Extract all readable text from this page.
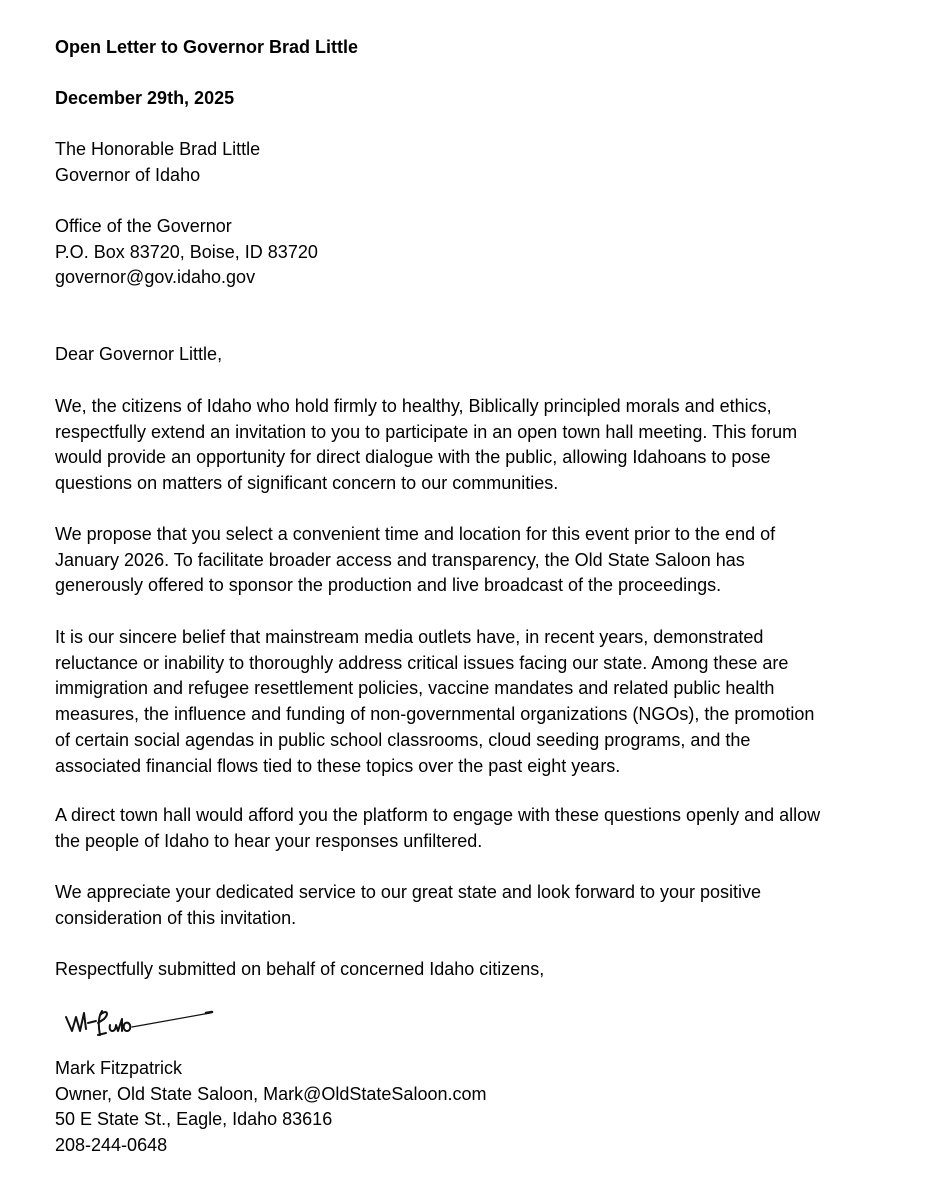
Open Letter to Governor Brad Little
December 29th, 2025
The Honorable Brad Little
Governor of Idaho
Office of the Governor
P.O. Box 83720, Boise, ID 83720
governor@gov.idaho.gov
Dear Governor Little,
We, the citizens of Idaho who hold firmly to healthy, Biblically principled morals and ethics,
respectfully extend an invitation to you to participate in an open town hall meeting. This forum
would provide an opportunity for direct dialogue with the public, allowing Idahoans to pose
questions on matters of significant concern to our communities.
We propose that you select a convenient time and location for this event prior to the end of
January 2026. To facilitate broader access and transparency, the Old State Saloon has
generously offered to sponsor the production and live broadcast of the proceedings.
It is our sincere belief that mainstream media outlets have, in recent years, demonstrated
reluctance or inability to thoroughly address critical issues facing our state. Among these are
immigration and refugee resettlement policies, vaccine mandates and related public health
measures, the influence and funding of non-governmental organizations (NGOs), the promotion
of certain social agendas in public school classrooms, cloud seeding programs, and the
associated financial flows tied to these topics over the past eight years.
A direct town hall would afford you the platform to engage with these questions openly and allow
the people of Idaho to hear your responses unfiltered.
We appreciate your dedicated service to our great state and look forward to your positive
consideration of this invitation.
Respectfully submitted on behalf of concerned Idaho citizens,
Mark Fitzpatrick
Owner, Old State Saloon, Mark@OldStateSaloon.com
50 E State St., Eagle, Idaho 83616
208-244-0648
